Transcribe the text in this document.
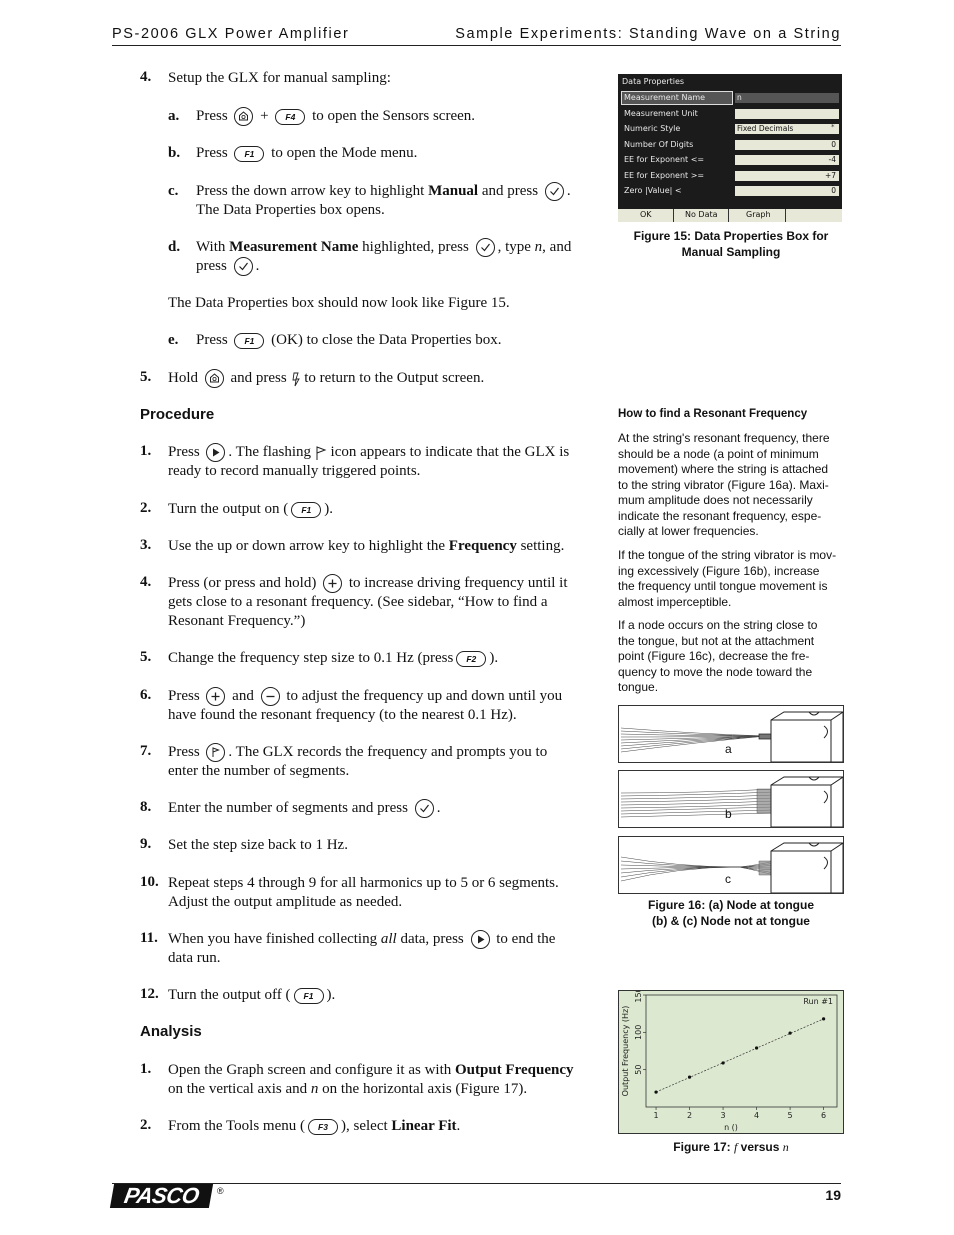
PS-2006 GLX Power Amplifier	Sample Experiments: Standing Wave on a String
4. Setup the GLX for manual sampling:
a. Press + F4 to open the Sensors screen.
b. Press F1 to open the Mode menu.
c. Press the down arrow key to highlight Manual and press .
The Data Properties box opens.
d. With Measurement Name highlighted, press , type n, and
press .
The Data Properties box should now look like Figure 15.
e. Press F1 (OK) to close the Data Properties box.
5. Hold and press to return to the Output screen.
Procedure
1. Press . The flashing icon appears to indicate that the GLX is
ready to record manually triggered points.
2. Turn the output on ( F1 ).
3. Use the up or down arrow key to highlight the Frequency setting.
4. Press (or press and hold) to increase driving frequency until it
gets close to a resonant frequency. (See sidebar, “How to find a
Resonant Frequency.”)
5. Change the frequency step size to 0.1 Hz (press F2 ).
6. Press and to adjust the frequency up and down until you
have found the resonant frequency (to the nearest 0.1 Hz).
7. Press . The GLX records the frequency and prompts you to
enter the number of segments.
8. Enter the number of segments and press .
9. Set the step size back to 1 Hz.
10. Repeat steps 4 through 9 for all harmonics up to 5 or 6 segments.
Adjust the output amplitude as needed.
11. When you have finished collecting all data, press to end the
data run.
12. Turn the output off ( F1 ).
Analysis
1. Open the Graph screen and configure it as with Output Frequency
on the vertical axis and n on the horizontal axis (Figure 17).
2. From the Tools menu ( F3 ), select Linear Fit.
Data Properties
Measurement Name	n
Measurement Unit
Numeric Style	Fixed Decimals	*
Number Of Digits	0
EE for Exponent <=	-4
EE for Exponent >=	+7
Zero |Value| <	0
OK	No Data	Graph
Figure 15: Data Properties Box for
Manual Sampling
How to find a Resonant Frequency
At the string's resonant frequency, there
should be a node (a point of minimum
movement) where the string is attached
to the string vibrator (Figure 16a). Maxi-
mum amplitude does not necessarily
indicate the resonant frequency, espe-
cially at lower frequencies.
If the tongue of the string vibrator is mov-
ing excessively (Figure 16b), increase
the frequency until tongue movement is
almost imperceptible.
If a node occurs on the string close to
the tongue, but not at the attachment
point (Figure 16c), decrease the fre-
quency to move the node toward the
tongue.
a
b
c
Figure 16: (a) Node at tongue
(b) & (c) Node not at tongue
1	2	3	4	5	6
50
100
150
n ()
Output Frequency (Hz)
Run #1
Figure 17: f versus n
PASCO	®	19
